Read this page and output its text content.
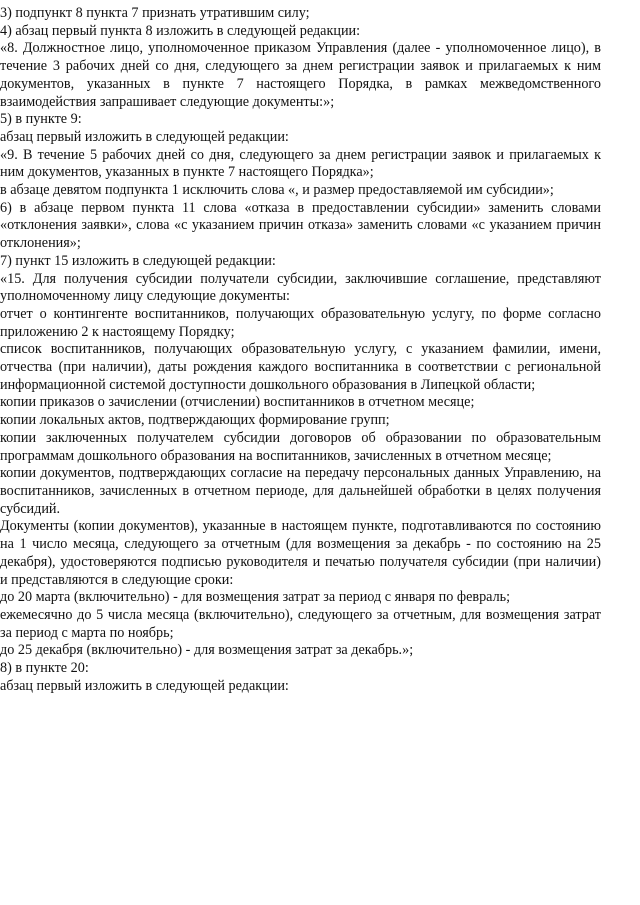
3) подпункт 8 пункта 7 признать утратившим силу;

4) абзац первый пункта 8 изложить в следующей редакции:

«8. Должностное лицо, уполномоченное приказом Управления (далее - уполномоченное лицо), в течение 3 рабочих дней со дня, следующего за днем регистрации заявок и прилагаемых к ним документов, указанных в пункте 7 настоящего Порядка, в рамках межведомственного взаимодействия запрашивает следующие документы:»;

5) в пункте 9:

абзац первый изложить в следующей редакции:

«9. В течение 5 рабочих дней со дня, следующего за днем регистрации заявок и прилагаемых к ним документов, указанных в пункте 7 настоящего Порядка»;

в абзаце девятом подпункта 1 исключить слова «, и размер предоставляемой им субсидии»;

6) в абзаце первом пункта 11 слова «отказа в предоставлении субсидии» заменить словами «отклонения заявки», слова «с указанием причин отказа» заменить словами «с указанием причин отклонения»;

7) пункт 15 изложить в следующей редакции:

«15. Для получения субсидии получатели субсидии, заключившие соглашение, представляют уполномоченному лицу следующие документы:

отчет о контингенте воспитанников, получающих образовательную услугу, по форме согласно приложению 2 к настоящему Порядку;

список воспитанников, получающих образовательную услугу, с указанием фамилии, имени, отчества (при наличии), даты рождения каждого воспитанника в соответствии с региональной информационной системой доступности дошкольного образования в Липецкой области;

копии приказов о зачислении (отчислении) воспитанников в отчетном месяце;

копии локальных актов, подтверждающих формирование групп;

копии заключенных получателем субсидии договоров об образовании по образовательным программам дошкольного образования на воспитанников, зачисленных в отчетном месяце;

копии документов, подтверждающих согласие на передачу персональных данных Управлению, на воспитанников, зачисленных в отчетном периоде, для дальнейшей обработки в целях получения субсидий.

Документы (копии документов), указанные в настоящем пункте, подготавливаются по состоянию на 1 число месяца, следующего за отчетным (для возмещения за декабрь - по состоянию на 25 декабря), удостоверяются подписью руководителя и печатью получателя субсидии (при наличии) и представляются в следующие сроки:

до 20 марта (включительно) - для возмещения затрат за период с января по февраль;

ежемесячно до 5 числа месяца (включительно), следующего за отчетным, для возмещения затрат за период с марта по ноябрь;

до 25 декабря (включительно) - для возмещения затрат за декабрь.»;

8) в пункте 20:

абзац первый изложить в следующей редакции:
